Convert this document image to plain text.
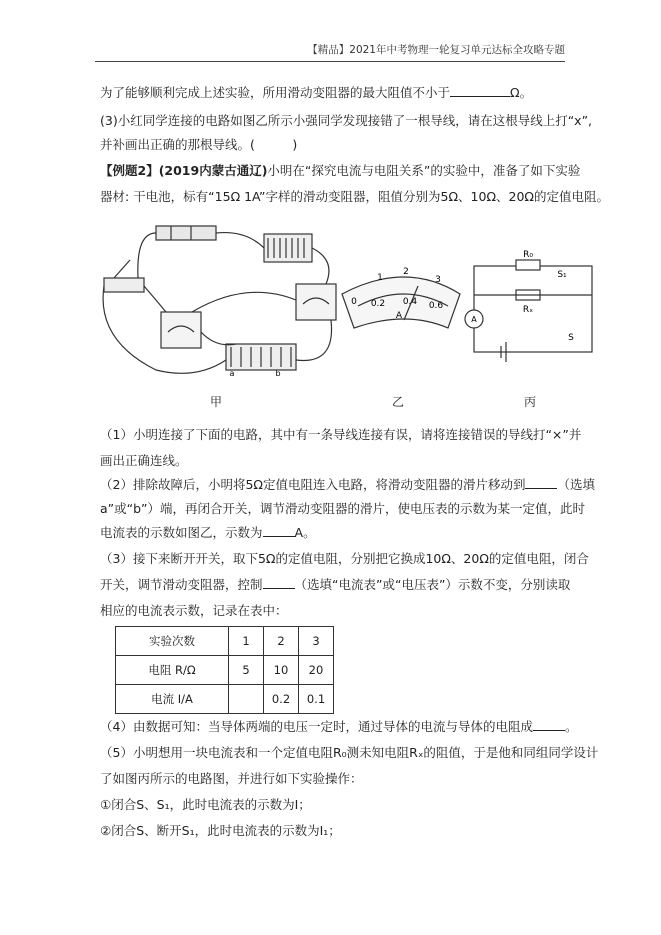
【精品】2021年中考物理一轮复习单元达标全攻略专题
为了能够顺利完成上述实验，所用滑动变阻器的最大阻值不小于	Ω。
(3)小红同学连接的电路如图乙所示小强同学发现接错了一根导线，请在这根导线上打“x”,
并补画出正确的那根导线。(　　　)
【例题2】(2019内蒙古通辽)小明在“探究电流与电阻关系”的实验中，准备了如下实验
器材: 干电池，标有“15Ω 1A”字样的滑动变阻器，阻值分别为5Ω、10Ω、20Ω的定值电阻。
2
1	3
0 0.2 0.4 0.6
A
R₀
S₁
Rₓ
S
A
a	b
甲	乙	丙
（1）小明连接了下面的电路，其中有一条导线连接有误，请将连接错误的导线打“×”并
画出正确连线。
（2）排除故障后，小明将5Ω定值电阻连入电路，将滑动变阻器的滑片移动到	（选填
a”或“b”）端，再闭合开关，调节滑动变阻器的滑片，使电压表的示数为某一定值，此时
电流表的示数如图乙，示数为	A。
（3）接下来断开开关，取下5Ω的定值电阻，分别把它换成10Ω、20Ω的定值电阻，闭合
开关，调节滑动变阻器，控制	（选填“电流表”或“电压表”）示数不变，分别读取
相应的电流表示数，记录在表中：
实验次数	1	2	3
电阻 R/Ω	5	10	20
电流 I/A		0.2	0.1
（4）由数据可知：当导体两端的电压一定时，通过导体的电流与导体的电阻成	。
（5）小明想用一块电流表和一个定值电阻R₀测未知电阻Rₓ的阻值，于是他和同组同学设计
了如图丙所示的电路图，并进行如下实验操作：
①闭合S、S₁，此时电流表的示数为I；
②闭合S、断开S₁，此时电流表的示数为I₁；
